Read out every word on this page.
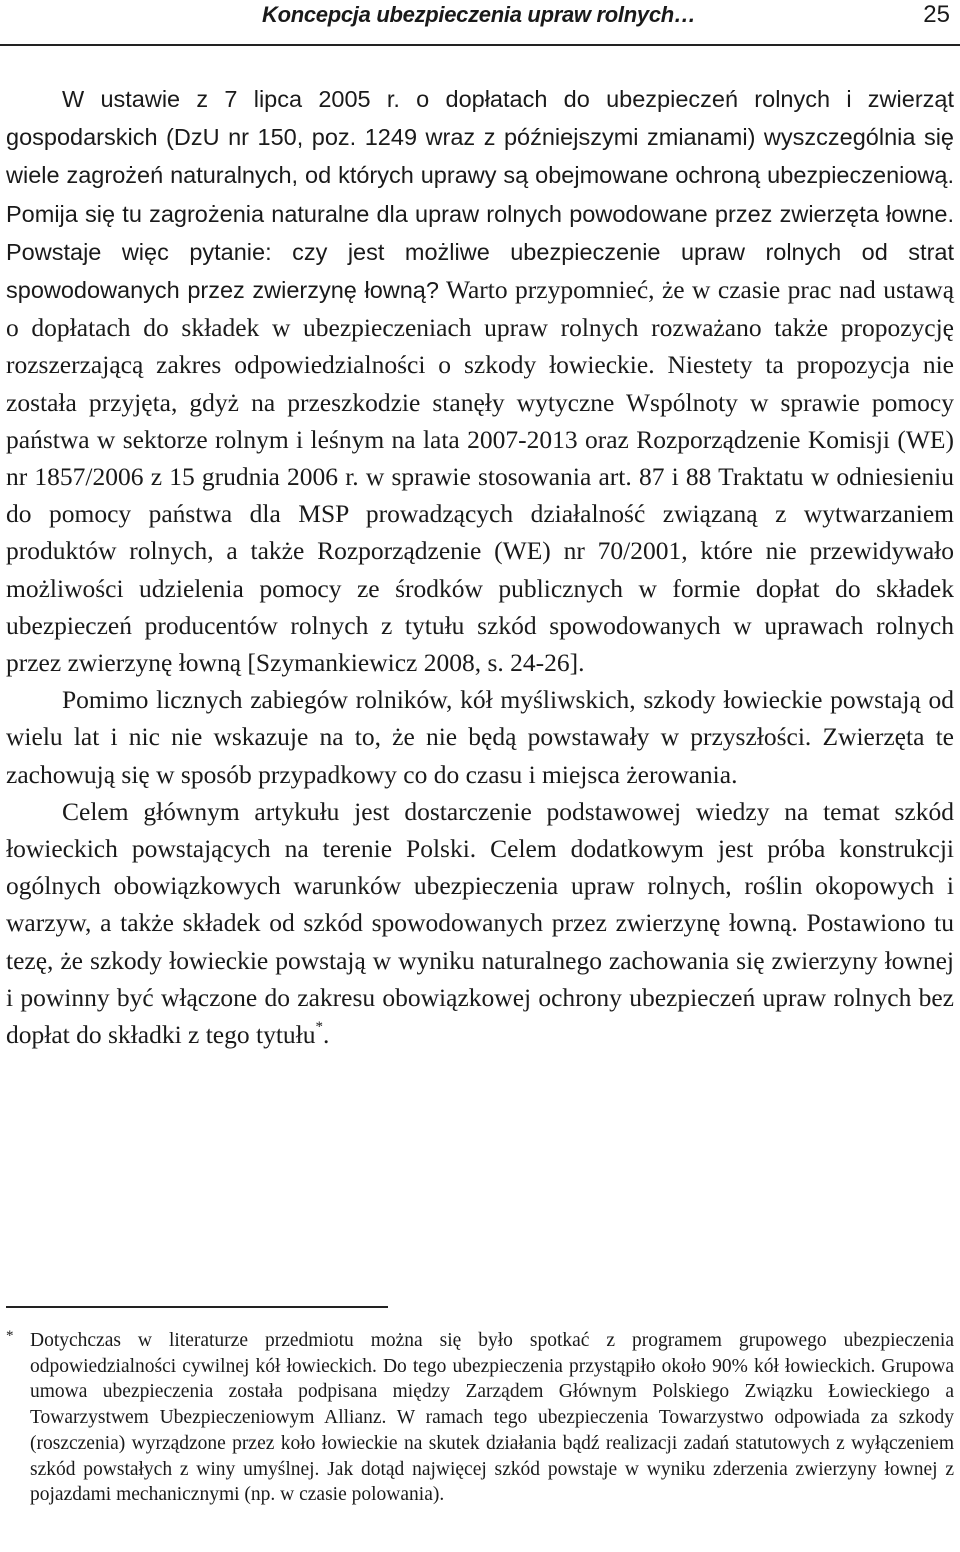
Koncepcja ubezpieczenia upraw rolnych…	25

W ustawie z 7 lipca 2005 r. o dopłatach do ubezpieczeń rolnych i zwierząt gospodarskich (DzU nr 150, poz. 1249 wraz z późniejszymi zmianami) wyszczególnia się wiele zagrożeń naturalnych, od których uprawy są obejmowane ochroną ubezpieczeniową. Pomija się tu zagrożenia naturalne dla upraw rolnych powodowane przez zwierzęta łowne. Powstaje więc pytanie: czy jest możliwe ubezpieczenie upraw rolnych od strat spowodowanych przez zwierzynę łowną? Warto przypomnieć, że w czasie prac nad ustawą o dopłatach do składek w ubezpieczeniach upraw rolnych rozważano także propozycję rozszerzającą zakres odpowiedzialności o szkody łowieckie. Niestety ta propozycja nie została przyjęta, gdyż na przeszkodzie stanęły wytyczne Wspólnoty w sprawie pomocy państwa w sektorze rolnym i leśnym na lata 2007-2013 oraz Rozporządzenie Komisji (WE) nr 1857/2006 z 15 grudnia 2006 r. w sprawie stosowania art. 87 i 88 Traktatu w odniesieniu do pomocy państwa dla MSP prowadzących działalność związaną z wytwarzaniem produktów rolnych, a także Rozporządzenie (WE) nr 70/2001, które nie przewidywało możliwości udzielenia pomocy ze środków publicznych w formie dopłat do składek ubezpieczeń producentów rolnych z tytułu szkód spowodowanych w uprawach rolnych przez zwierzynę łowną [Szymankiewicz 2008, s. 24-26].

Pomimo licznych zabiegów rolników, kół myśliwskich, szkody łowieckie powstają od wielu lat i nic nie wskazuje na to, że nie będą powstawały w przyszłości. Zwierzęta te zachowują się w sposób przypadkowy co do czasu i miejsca żerowania.

Celem głównym artykułu jest dostarczenie podstawowej wiedzy na temat szkód łowieckich powstających na terenie Polski. Celem dodatkowym jest próba konstrukcji ogólnych obowiązkowych warunków ubezpieczenia upraw rolnych, roślin okopowych i warzyw, a także składek od szkód spowodowanych przez zwierzynę łowną. Postawiono tu tezę, że szkody łowieckie powstają w wyniku naturalnego zachowania się zwierzyny łownej i powinny być włączone do zakresu obowiązkowej ochrony ubezpieczeń upraw rolnych bez dopłat do składki z tego tytułu*.

* Dotychczas w literaturze przedmiotu można się było spotkać z programem grupowego ubezpieczenia odpowiedzialności cywilnej kół łowieckich. Do tego ubezpieczenia przystąpiło około 90% kół łowieckich. Grupowa umowa ubezpieczenia została podpisana między Zarządem Głównym Polskiego Związku Łowieckiego a Towarzystwem Ubezpieczeniowym Allianz. W ramach tego ubezpieczenia Towarzystwo odpowiada za szkody (roszczenia) wyrządzone przez koło łowieckie na skutek działania bądź realizacji zadań statutowych z wyłączeniem szkód powstałych z winy umyślnej. Jak dotąd najwięcej szkód powstaje w wyniku zderzenia zwierzyny łownej z pojazdami mechanicznymi (np. w czasie polowania).
